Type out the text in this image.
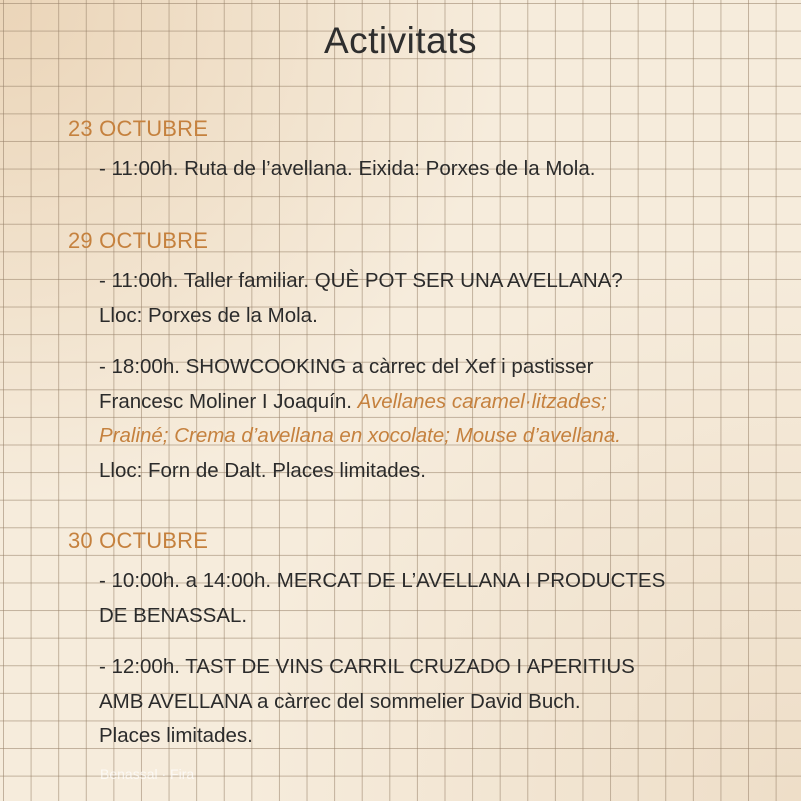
Activitats
23 OCTUBRE
- 11:00h. Ruta de l’avellana. Eixida: Porxes de la Mola.
29 OCTUBRE
- 11:00h. Taller familiar. QUÈ POT SER UNA AVELLANA?
Lloc: Porxes de la Mola.
- 18:00h. SHOWCOOKING a càrrec del Xef i pastisser
Francesc Moliner I Joaquín. Avellanes caramel·litzades;
Praliné; Crema d’avellana en xocolate; Mouse d’avellana.
Lloc: Forn de Dalt. Places limitades.
30 OCTUBRE
- 10:00h. a 14:00h. MERCAT DE L’AVELLANA I PRODUCTES
DE BENASSAL.
- 12:00h. TAST DE VINS CARRIL CRUZADO I APERITIUS
AMB AVELLANA a càrrec del sommelier David Buch.
Places limitades.
Benassal · Fira
